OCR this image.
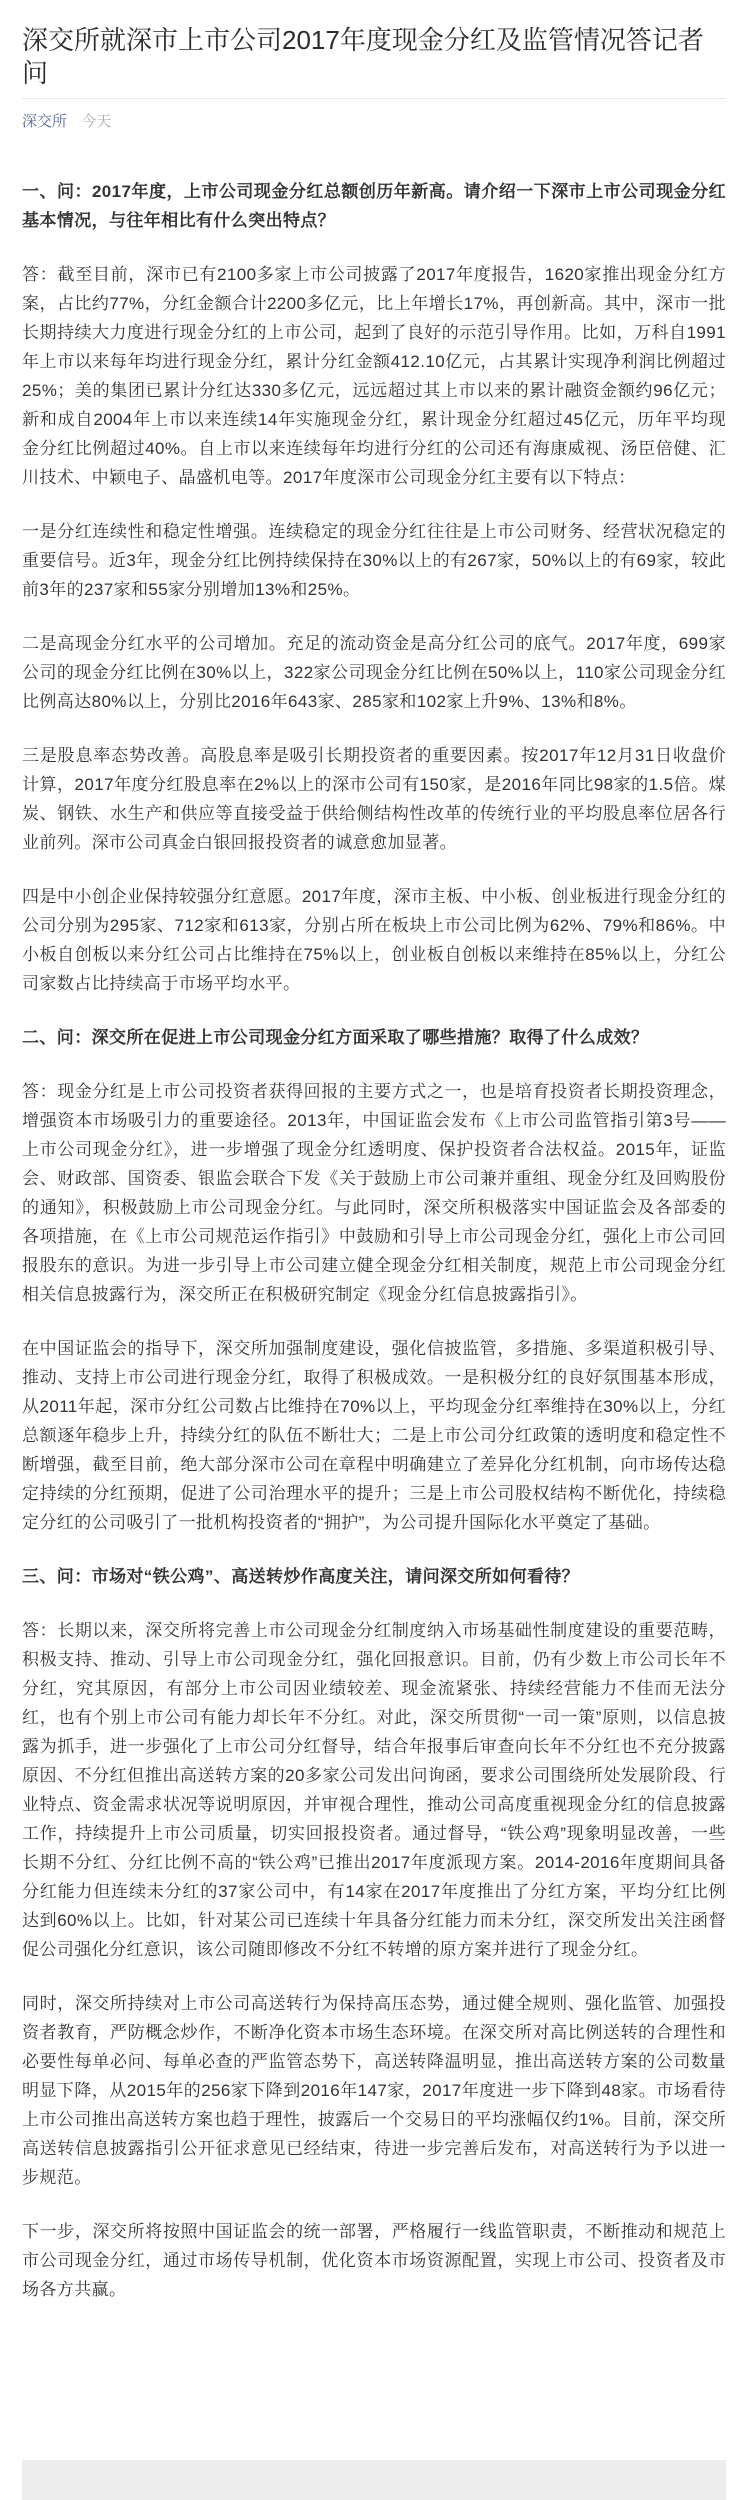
深交所就深市上市公司2017年度现金分红及监管情况答记者问
深交所 今天

一、问：2017年度，上市公司现金分红总额创历年新高。请介绍一下深市上市公司现金分红基本情况，与往年相比有什么突出特点？

答：截至目前，深市已有2100多家上市公司披露了2017年度报告，1620家推出现金分红方案，占比约77%，分红金额合计2200多亿元，比上年增长17%，再创新高。其中，深市一批长期持续大力度进行现金分红的上市公司，起到了良好的示范引导作用。比如，万科自1991年上市以来每年均进行现金分红，累计分红金额412.10亿元，占其累计实现净利润比例超过25%；美的集团已累计分红达330多亿元，远远超过其上市以来的累计融资金额约96亿元；新和成自2004年上市以来连续14年实施现金分红，累计现金分红超过45亿元，历年平均现金分红比例超过40%。自上市以来连续每年均进行分红的公司还有海康威视、汤臣倍健、汇川技术、中颖电子、晶盛机电等。2017年度深市公司现金分红主要有以下特点：

一是分红连续性和稳定性增强。连续稳定的现金分红往往是上市公司财务、经营状况稳定的重要信号。近3年，现金分红比例持续保持在30%以上的有267家，50%以上的有69家，较此前3年的237家和55家分别增加13%和25%。

二是高现金分红水平的公司增加。充足的流动资金是高分红公司的底气。2017年度，699家公司的现金分红比例在30%以上，322家公司现金分红比例在50%以上，110家公司现金分红比例高达80%以上，分别比2016年643家、285家和102家上升9%、13%和8%。

三是股息率态势改善。高股息率是吸引长期投资者的重要因素。按2017年12月31日收盘价计算，2017年度分红股息率在2%以上的深市公司有150家，是2016年同比98家的1.5倍。煤炭、钢铁、水生产和供应等直接受益于供给侧结构性改革的传统行业的平均股息率位居各行业前列。深市公司真金白银回报投资者的诚意愈加显著。

四是中小创企业保持较强分红意愿。2017年度，深市主板、中小板、创业板进行现金分红的公司分别为295家、712家和613家，分别占所在板块上市公司比例为62%、79%和86%。中小板自创板以来分红公司占比维持在75%以上，创业板自创板以来维持在85%以上，分红公司家数占比持续高于市场平均水平。

二、问：深交所在促进上市公司现金分红方面采取了哪些措施？取得了什么成效？

答：现金分红是上市公司投资者获得回报的主要方式之一，也是培育投资者长期投资理念，增强资本市场吸引力的重要途径。2013年，中国证监会发布《上市公司监管指引第3号——上市公司现金分红》，进一步增强了现金分红透明度、保护投资者合法权益。2015年，证监会、财政部、国资委、银监会联合下发《关于鼓励上市公司兼并重组、现金分红及回购股份的通知》，积极鼓励上市公司现金分红。与此同时，深交所积极落实中国证监会及各部委的各项措施，在《上市公司规范运作指引》中鼓励和引导上市公司现金分红，强化上市公司回报股东的意识。为进一步引导上市公司建立健全现金分红相关制度，规范上市公司现金分红相关信息披露行为，深交所正在积极研究制定《现金分红信息披露指引》。

在中国证监会的指导下，深交所加强制度建设，强化信披监管，多措施、多渠道积极引导、推动、支持上市公司进行现金分红，取得了积极成效。一是积极分红的良好氛围基本形成，从2011年起，深市分红公司数占比维持在70%以上，平均现金分红率维持在30%以上，分红总额逐年稳步上升，持续分红的队伍不断壮大；二是上市公司分红政策的透明度和稳定性不断增强，截至目前，绝大部分深市公司在章程中明确建立了差异化分红机制，向市场传达稳定持续的分红预期，促进了公司治理水平的提升；三是上市公司股权结构不断优化，持续稳定分红的公司吸引了一批机构投资者的“拥护”，为公司提升国际化水平奠定了基础。

三、问：市场对“铁公鸡”、高送转炒作高度关注，请问深交所如何看待？

答：长期以来，深交所将完善上市公司现金分红制度纳入市场基础性制度建设的重要范畴，积极支持、推动、引导上市公司现金分红，强化回报意识。目前，仍有少数上市公司长年不分红，究其原因，有部分上市公司因业绩较差、现金流紧张、持续经营能力不佳而无法分红，也有个别上市公司有能力却长年不分红。对此，深交所贯彻“一司一策”原则，以信息披露为抓手，进一步强化了上市公司分红督导，结合年报事后审查向长年不分红也不充分披露原因、不分红但推出高送转方案的20多家公司发出问询函，要求公司围绕所处发展阶段、行业特点、资金需求状况等说明原因，并审视合理性，推动公司高度重视现金分红的信息披露工作，持续提升上市公司质量，切实回报投资者。通过督导，“铁公鸡”现象明显改善，一些长期不分红、分红比例不高的“铁公鸡”已推出2017年度派现方案。2014-2016年度期间具备分红能力但连续未分红的37家公司中，有14家在2017年度推出了分红方案，平均分红比例达到60%以上。比如，针对某公司已连续十年具备分红能力而未分红，深交所发出关注函督促公司强化分红意识，该公司随即修改不分红不转增的原方案并进行了现金分红。

同时，深交所持续对上市公司高送转行为保持高压态势，通过健全规则、强化监管、加强投资者教育，严防概念炒作，不断净化资本市场生态环境。在深交所对高比例送转的合理性和必要性每单必问、每单必查的严监管态势下，高送转降温明显，推出高送转方案的公司数量明显下降，从2015年的256家下降到2016年147家，2017年度进一步下降到48家。市场看待上市公司推出高送转方案也趋于理性，披露后一个交易日的平均涨幅仅约1%。目前，深交所高送转信息披露指引公开征求意见已经结束，待进一步完善后发布，对高送转行为予以进一步规范。

下一步，深交所将按照中国证监会的统一部署，严格履行一线监管职责，不断推动和规范上市公司现金分红，通过市场传导机制，优化资本市场资源配置，实现上市公司、投资者及市场各方共赢。
